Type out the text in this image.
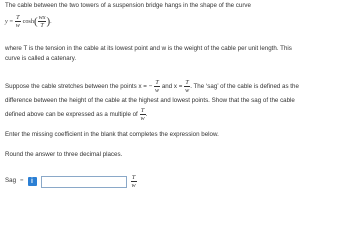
The cable between the two towers of a suspension bridge hangs in the shape of the curve
$y = \frac{T}{w} \cosh( \frac{wx}{T}$ ).
where T is the tension in the cable at its lowest point and w is the weight of the cable per unit length. This
curve is called a catenary.
Suppose the cable stretches between the points x = − $\frac{T}{w}$ and $x = \frac{T}{w}$ . The ‘sag’ of the cable is defined as the
difference between the height of the cable at the highest and lowest points. Show that the sag of the cable
defined above can be expressed as a multiple of $\frac{T}{w}$ .
Enter the missing coefficient in the blank that completes the expression below.
Round the answer to three decimal places.
Sag =	i	$\frac{T}{w}$
